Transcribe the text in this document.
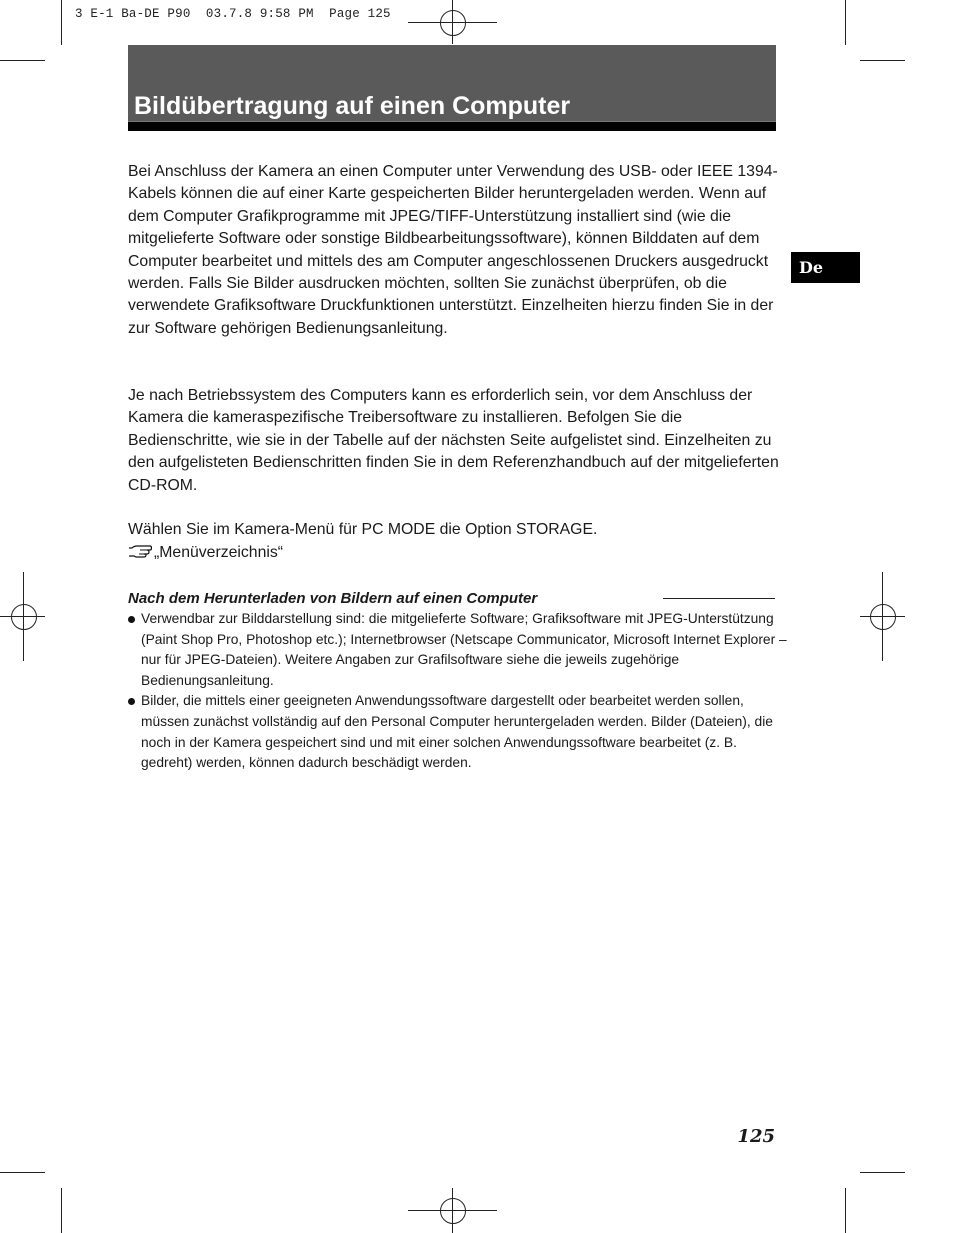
3 E-1 Ba-DE P90  03.7.8 9:58 PM  Page 125
Bildübertragung auf einen Computer
De

Bei Anschluss der Kamera an einen Computer unter Verwendung des USB- oder IEEE 1394-Kabels können die auf einer Karte gespeicherten Bilder heruntergeladen werden. Wenn auf dem Computer Grafikprogramme mit JPEG/TIFF-Unterstützung installiert sind (wie die mitgelieferte Software oder sonstige Bildbearbeitungssoftware), können Bilddaten auf dem Computer bearbeitet und mittels des am Computer angeschlossenen Druckers ausgedruckt werden. Falls Sie Bilder ausdrucken möchten, sollten Sie zunächst überprüfen, ob die verwendete Grafiksoftware Druckfunktionen unterstützt. Einzelheiten hierzu finden Sie in der zur Software gehörigen Bedienungsanleitung.

Je nach Betriebssystem des Computers kann es erforderlich sein, vor dem Anschluss der Kamera die kameraspezifische Treibersoftware zu installieren. Befolgen Sie die Bedienschritte, wie sie in der Tabelle auf der nächsten Seite aufgelistet sind. Einzelheiten zu den aufgelisteten Bedienschritten finden Sie in dem Referenzhandbuch auf der mitgelieferten CD-ROM.

Wählen Sie im Kamera-Menü für PC MODE die Option STORAGE.

„Menüverzeichnis“
Nach dem Herunterladen von Bildern auf einen Computer
Verwendbar zur Bilddarstellung sind: die mitgelieferte Software; Grafiksoftware mit JPEG-Unterstützung (Paint Shop Pro, Photoshop etc.); Internetbrowser (Netscape Communicator, Microsoft Internet Explorer – nur für JPEG-Dateien). Weitere Angaben zur Grafilsoftware siehe die jeweils zugehörige Bedienungsanleitung.
Bilder, die mittels einer geeigneten Anwendungssoftware dargestellt oder bearbeitet werden sollen, müssen zunächst vollständig auf den Personal Computer heruntergeladen werden. Bilder (Dateien), die noch in der Kamera gespeichert sind und mit einer solchen Anwendungssoftware bearbeitet (z. B. gedreht) werden, können dadurch beschädigt werden.
125
